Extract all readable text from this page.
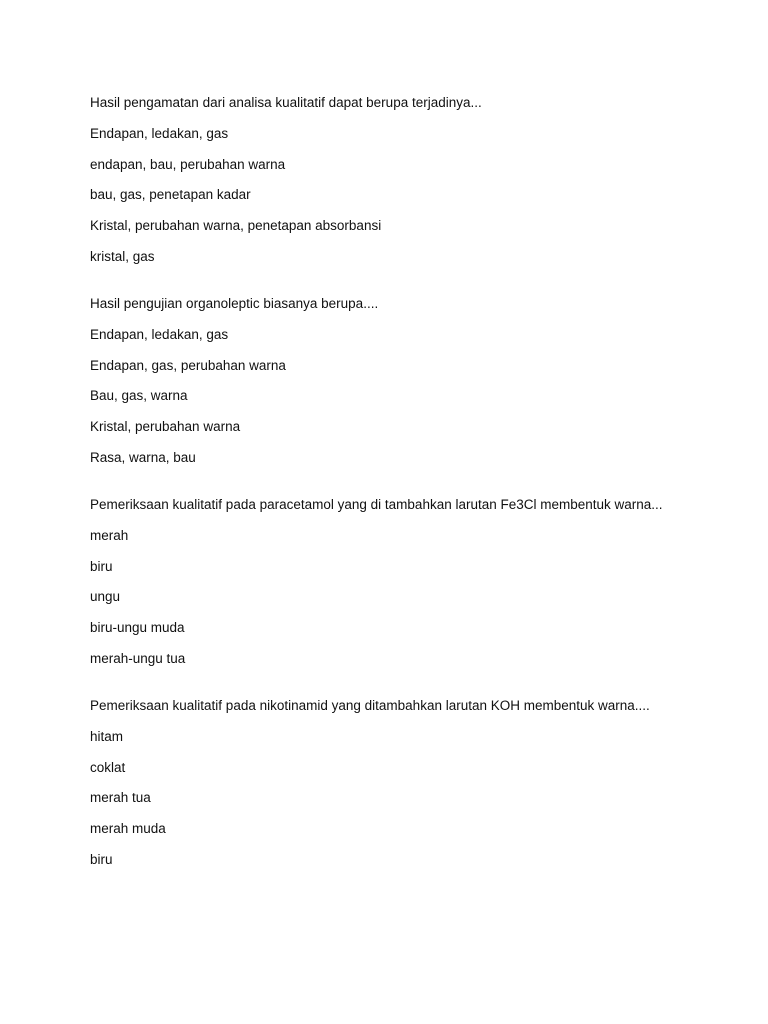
Hasil pengamatan dari analisa kualitatif dapat berupa terjadinya...
Endapan, ledakan, gas
endapan, bau, perubahan warna
bau, gas, penetapan kadar
Kristal, perubahan warna, penetapan absorbansi
kristal, gas
Hasil pengujian organoleptic biasanya berupa....
Endapan, ledakan, gas
Endapan, gas, perubahan warna
Bau, gas, warna
Kristal, perubahan warna
Rasa, warna, bau
Pemeriksaan kualitatif pada paracetamol yang di tambahkan larutan Fe3Cl membentuk warna...
merah
biru
ungu
biru-ungu muda
merah-ungu tua
Pemeriksaan kualitatif pada nikotinamid yang ditambahkan larutan KOH membentuk warna....
hitam
coklat
merah tua
merah muda
biru
